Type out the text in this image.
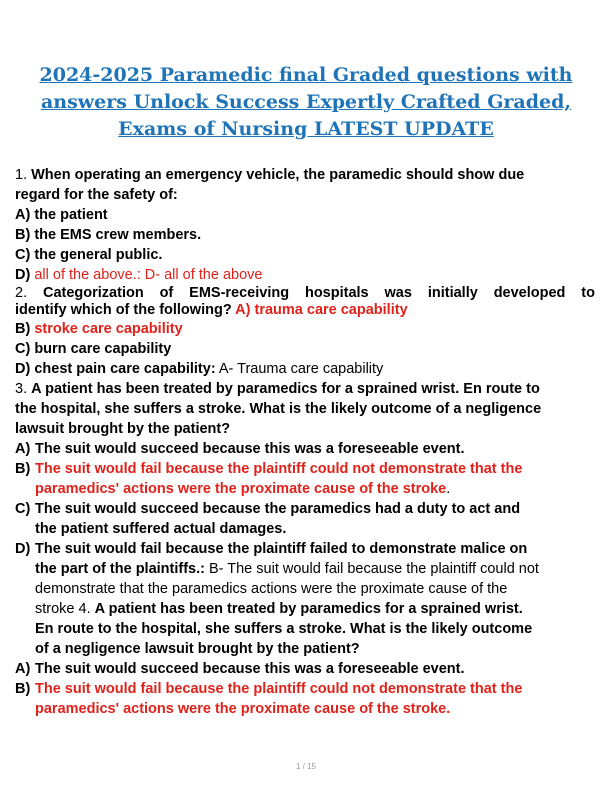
2024-2025 Paramedic final Graded questions with
answers Unlock Success Expertly Crafted Graded,
Exams of Nursing LATEST UPDATE
1. When operating an emergency vehicle, the paramedic should show due
regard for the safety of:
A) the patient
B) the EMS crew members.
C) the general public.
D) all of the above.: D- all of the above
2. Categorization of EMS-receiving hospitals was initially developed to
identify which of the following? A) trauma care capability
B) stroke care capability
C) burn care capability
D) chest pain care capability: A- Trauma care capability
3. A patient has been treated by paramedics for a sprained wrist. En route to
the hospital, she suffers a stroke. What is the likely outcome of a negligence
lawsuit brought by the patient?
A) The suit would succeed because this was a foreseeable event.
B) The suit would fail because the plaintiff could not demonstrate that the
paramedics' actions were the proximate cause of the stroke.
C) The suit would succeed because the paramedics had a duty to act and
the patient suffered actual damages.
D) The suit would fail because the plaintiff failed to demonstrate malice on
the part of the plaintiffs.: B- The suit would fail because the plaintiff could not
demonstrate that the paramedics actions were the proximate cause of the
stroke 4. A patient has been treated by paramedics for a sprained wrist.
En route to the hospital, she suffers a stroke. What is the likely outcome
of a negligence lawsuit brought by the patient?
A) The suit would succeed because this was a foreseeable event.
B) The suit would fail because the plaintiff could not demonstrate that the
paramedics' actions were the proximate cause of the stroke.
1 / 15
